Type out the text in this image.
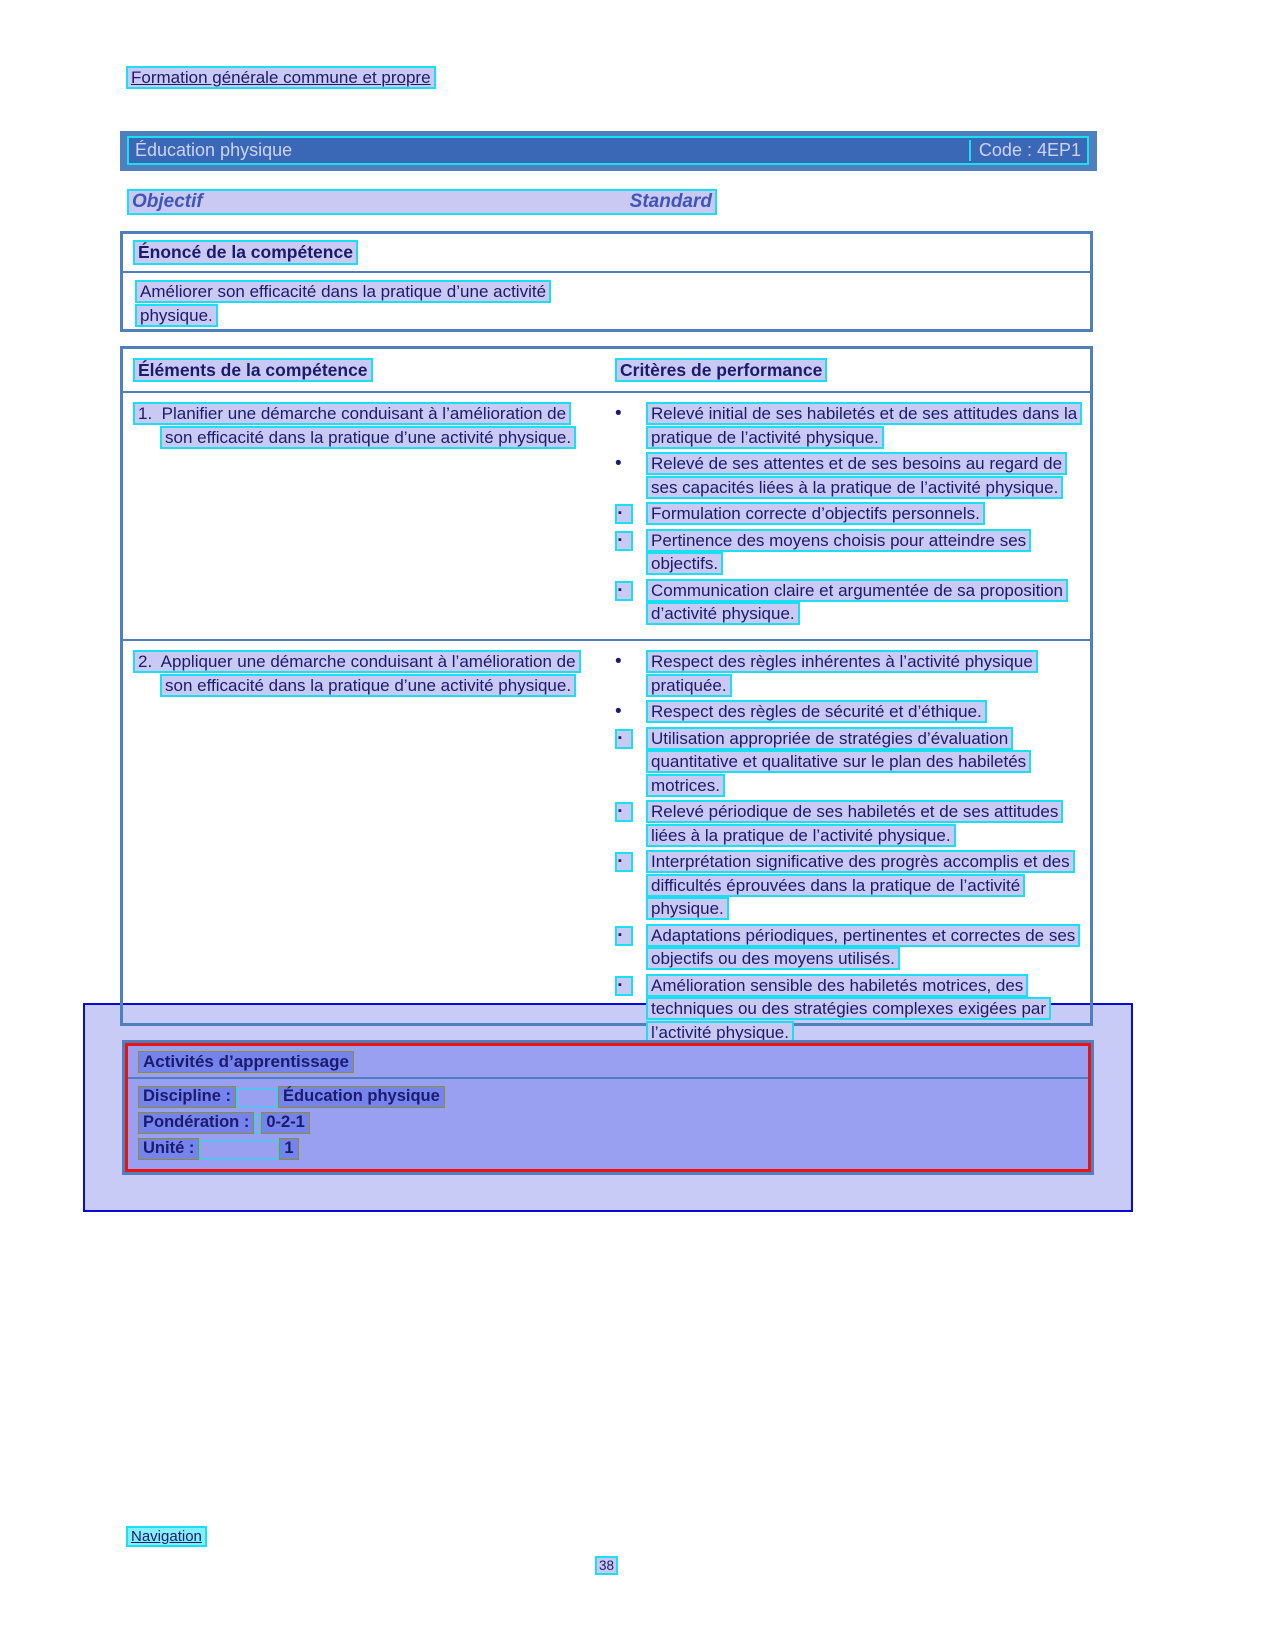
Formation générale commune et propre
Éducation physique	Code : 4EP1
Objectif	Standard
Énoncé de la compétence
Améliorer son efficacité dans la pratique d’une activité physique.
Éléments de la compétence	Critères de performance
1.  Planifier une démarche conduisant à l’amélioration de son efficacité dans la pratique d’une activité physique.
•
Relevé initial de ses habiletés et de ses attitudes dans la pratique de l’activité physique.
•
Relevé de ses attentes et de ses besoins au regard de ses capacités liées à la pratique de l’activité physique.
▪
Formulation correcte d’objectifs personnels.
▪
Pertinence des moyens choisis pour atteindre ses objectifs.
▪
Communication claire et argumentée de sa proposition d’activité physique.
2.  Appliquer une démarche conduisant à l’amélioration de son efficacité dans la pratique d’une activité physique.
•
Respect des règles inhérentes à l’activité physique pratiquée.
•
Respect des règles de sécurité et d’éthique.
▪
Utilisation appropriée de stratégies d’évaluation quantitative et qualitative sur le plan des habiletés motrices.
▪
Relevé périodique de ses habiletés et de ses attitudes liées à la pratique de l’activité physique.
▪
Interprétation significative des progrès accomplis et des difficultés éprouvées dans la pratique de l’activité physique.
▪
Adaptations périodiques, pertinentes et correctes de ses objectifs ou des moyens utilisés.
▪
Amélioration sensible des habiletés motrices, des techniques ou des stratégies complexes exigées par l’activité physique.
Activités d’apprentissage
Discipline :	Éducation physique
Pondération :	0-2-1
Unité :	1
Navigation
38
